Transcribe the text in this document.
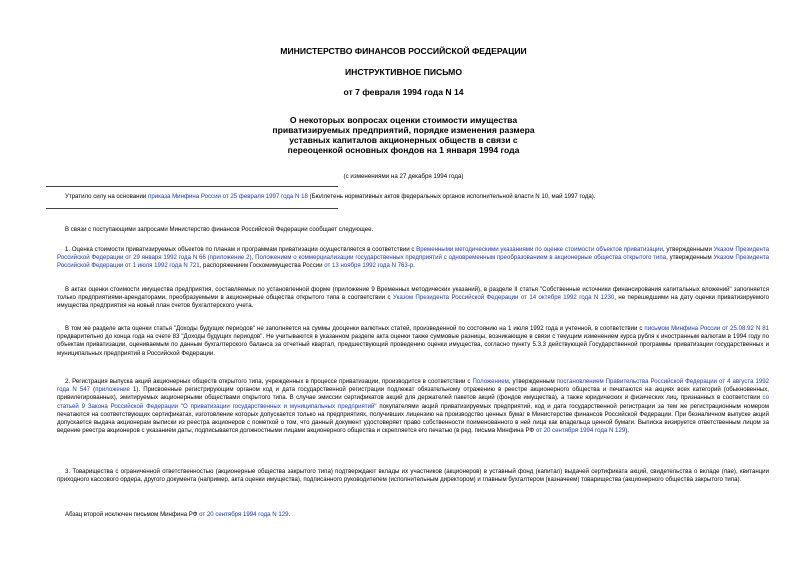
МИНИСТЕРСТВО ФИНАНСОВ РОССИЙСКОЙ ФЕДЕРАЦИИ
ИНСТРУКТИВНОЕ ПИСЬМО
от 7 февраля 1994 года N 14
О некоторых вопросах оценки стоимости имущества
приватизируемых предприятий, порядке изменения размера
уставных капиталов акционерных обществ в связи с
переоценкой основных фондов на 1 января 1994 года
(с изменениями на 27 декабря 1994 года)
Утратило силу на основании приказа Минфина России от 25 февраля 1997 года N 18 (Бюллетень нормативных актов федеральных органов исполнительной власти N 10, май 1997 года).
В связи с поступающими запросами Министерство финансов Российской Федерации сообщает следующее.
1. Оценка стоимости приватизируемых объектов по планам и программам приватизации осуществляется в соответствии с Временными методическими указаниями по оценке стоимости объектов приватизации, утвержденными Указом Президента Российской Федерации от 29 января 1992 года N 66 (приложение 2), Положением о коммерциализации государственных предприятий с одновременным преобразованием в акционерные общества открытого типа, утвержденным Указом Президента Российской Федерации от 1 июля 1992 года N 721, распоряжением Госкомимущества России от 13 ноября 1992 года N 763-р.
В актах оценки стоимости имущества предприятия, составляемых по установленной форме (приложение 9 Временных методических указаний), в разделе II статья "Собственные источники финансирования капитальных вложений" заполняется только предприятиями-арендаторами, преобразуемыми в акционерные общества открытого типа в соответствии с Указом Президента Российской Федерации от 14 октября 1992 года N 1230, не перешедшими на дату оценки приватизируемого имущества предприятия на новый план счетов бухгалтерского учета.
В том же разделе акта оценки статья "Доходы будущих периодов" не заполняется на суммы дооценки валютных статей, произведенной по состоянию на 1 июля 1992 года и учтенной, в соответствии с письмом Минфина России от 25.08.92 N 81 предварительно до конца года на счете 83 "Доходы будущих периодов". Не учитываются в указанном разделе акта оценки также суммовые разницы, возникающие в связи с текущим изменением курса рубля к иностранным валютам в 1994 году по объектам приватизации, оцениваемым по данным бухгалтерского баланса за отчетный квартал, предшествующий проведению оценки имущества, согласно пункту 5.3.3 действующей Государственной программы приватизации государственных и муниципальных предприятий в Российской Федерации.
2. Регистрация выпуска акций акционерных обществ открытого типа, учрежденных в процессе приватизации, производится в соответствии с Положением, утвержденным постановлением Правительства Российской Федерации от 4 августа 1992 года N 547 (приложение 1). Присвоенные регистрирующим органом код и дата государственной регистрации подлежат обязательному отражению в реестре акционерного общества и печатаются на акциях всех категорий (обыкновенных, привилегированных), эмитируемых акционерными обществами открытого типа. В случае эмиссии сертификатов акций для держателей пакетов акций (фондов имущества), а также юридических и физических лиц, признанных в соответствии со статьей 9 Закона Российской Федерации "О приватизации государственных и муниципальных предприятий" покупателями акций приватизируемых предприятий, код и дата государственной регистрации за тем же регистрационным номером печатаются на соответствующих сертификатах, изготовление которых допускается только на предприятиях, получивших лицензию на производство ценных бумаг в Министерстве финансов Российской Федерации. При безналичном выпуске акций допускается выдача акционерам выписки из реестра акционеров с пометкой о том, что данный документ удостоверяет право собственности поименованного в ней лица как владельца ценной бумаги. Выписка визируется ответственным лицом за ведение реестра акционеров с указанием даты, подписывается должностными лицами акционерного общества и скрепляется его печатью (в ред. письма Минфина РФ от 20 сентября 1994 года N 129).
3. Товарищества с ограниченной ответственностью (акционерные общества закрытого типа) подтверждают вклады их участников (акционеров) в уставный фонд (капитал) выдачей сертификата акций, свидетельства о вкладе (пае), квитанции приходного кассового ордера, другого документа (например, акта оценки имущества), подписанного руководителем (исполнительным директором) и главным бухгалтером (казначеем) товарищества (акционерного общества закрытого типа).
Абзац второй исключен письмом Минфина РФ от 20 сентября 1994 года N 129.
